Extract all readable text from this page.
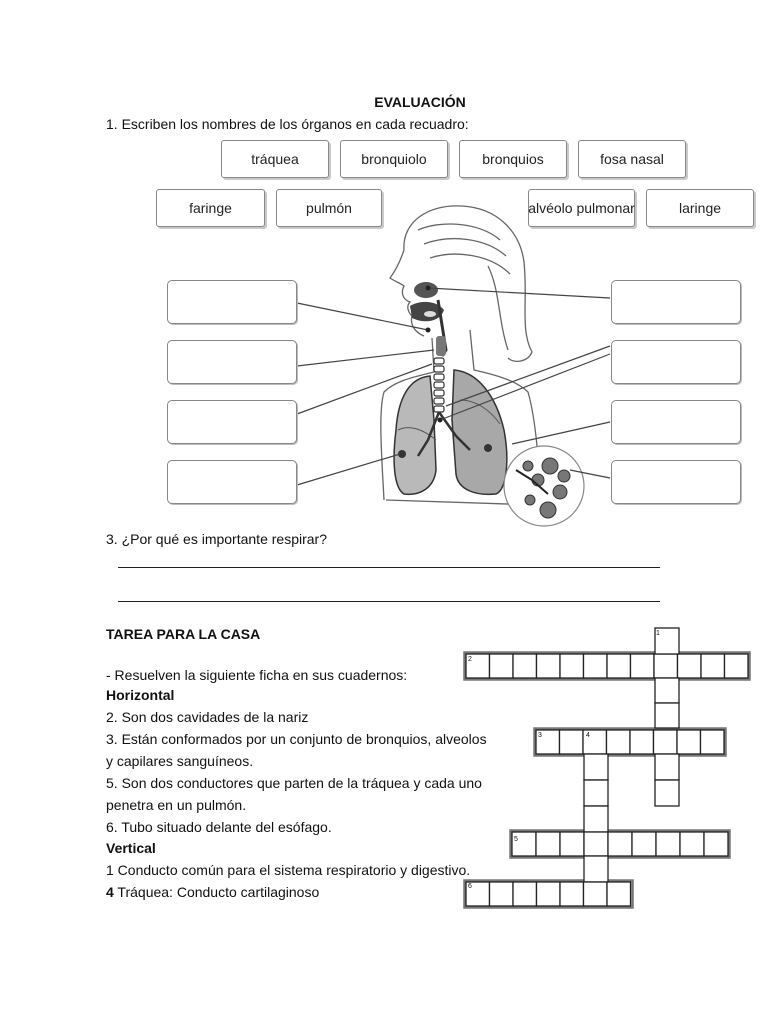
EVALUACIÓN
1. Escriben los nombres de los órganos en cada recuadro:
tráquea	bronquiolo	bronquios	fosa nasal
faringe	pulmón	alvéolo pulmonar	laringe
3. ¿Por qué es importante respirar?
TAREA PARA LA CASA
- Resuelven la siguiente ficha en sus cuadernos:
Horizontal
2. Son dos cavidades de la nariz
3. Están conformados por un conjunto de bronquios, alveolos
y capilares sanguíneos.
5. Son dos conductores que parten de la tráquea y cada uno
penetra en un pulmón.
6. Tubo situado delante del esófago.
Vertical
1 Conducto común para el sistema respiratorio y digestivo.
4 Tráquea: Conducto cartilaginoso
1
2
3	4
5
6
